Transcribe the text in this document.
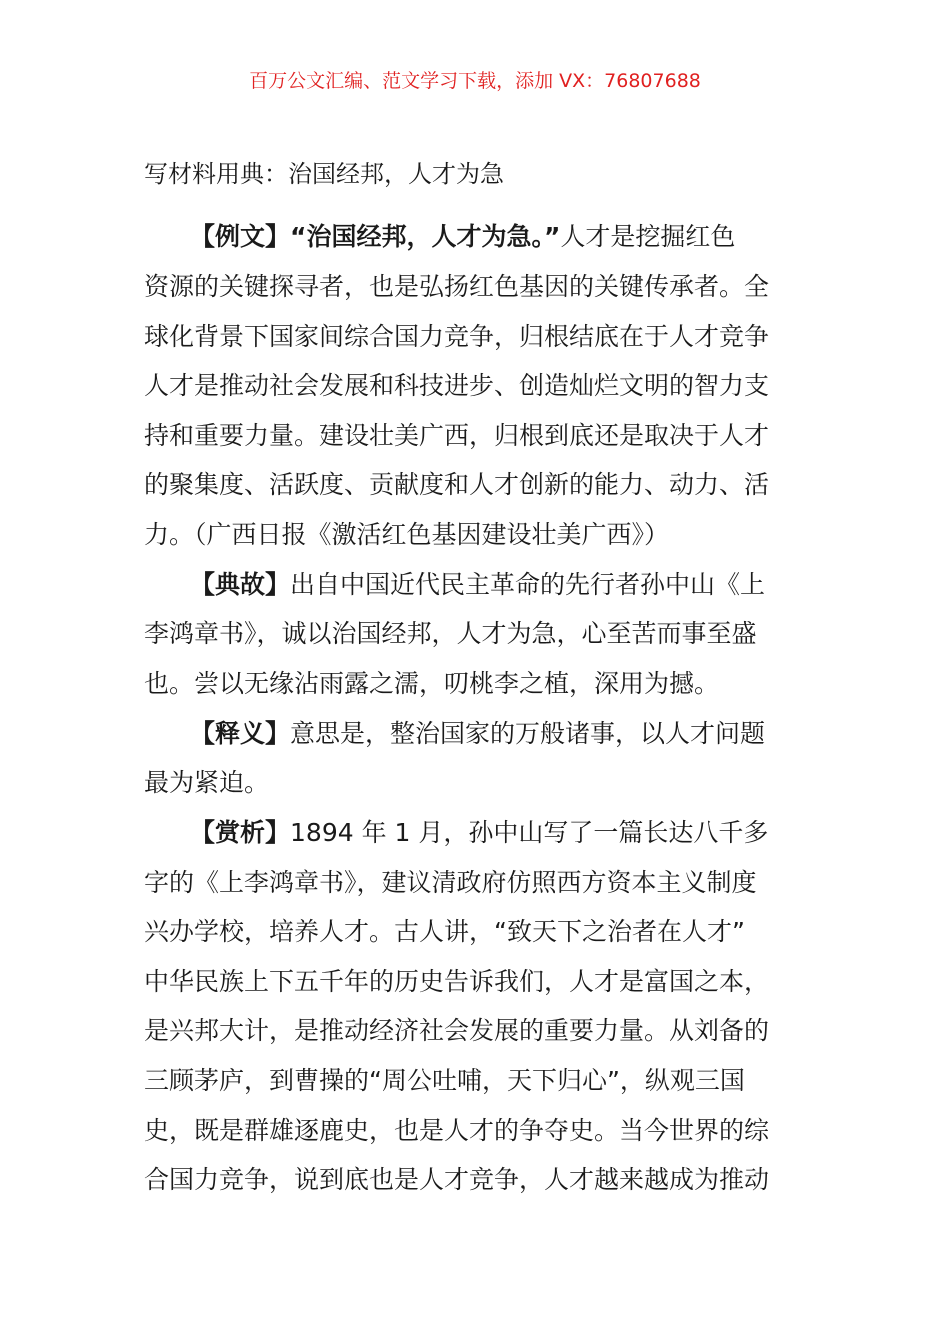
百万公文汇编、范文学习下载，添加 VX：76807688
写材料用典：治国经邦，人才为急
【例文】“治国经邦，人才为急。”人才是挖掘红色
资源的关键探寻者，也是弘扬红色基因的关键传承者。全
球化背景下国家间综合国力竞争，归根结底在于人才竞争
人才是推动社会发展和科技进步、创造灿烂文明的智力支
持和重要力量。建设壮美广西，归根到底还是取决于人才
的聚集度、活跃度、贡献度和人才创新的能力、动力、活
力。（广西日报《激活红色基因建设壮美广西》）
【典故】出自中国近代民主革命的先行者孙中山《上
李鸿章书》，诚以治国经邦，人才为急，心至苦而事至盛
也。尝以无缘沾雨露之濡，叨桃李之植，深用为撼。
【释义】意思是，整治国家的万般诸事，以人才问题
最为紧迫。
【赏析】1894 年 1 月，孙中山写了一篇长达八千多
字的《上李鸿章书》，建议清政府仿照西方资本主义制度
兴办学校，培养人才。古人讲，“致天下之治者在人才”
中华民族上下五千年的历史告诉我们，人才是富国之本，
是兴邦大计，是推动经济社会发展的重要力量。从刘备的
三顾茅庐，到曹操的“周公吐哺，天下归心”，纵观三国
史，既是群雄逐鹿史，也是人才的争夺史。当今世界的综
合国力竞争，说到底也是人才竞争，人才越来越成为推动
